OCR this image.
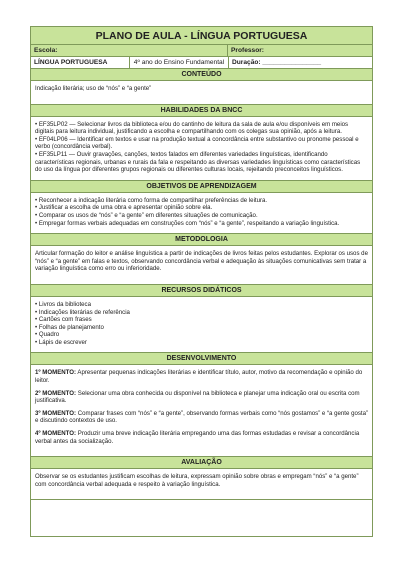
PLANO DE AULA - LÍNGUA PORTUGUESA
Escola:	Professor:
LÍNGUA PORTUGUESA	4º ano do Ensino Fundamental	Duração: ________________
CONTEÚDO

Indicação literária; uso de “nós” e “a gente”

HABILIDADES DA BNCC
• EF35LP02 — Selecionar livros da biblioteca e/ou do cantinho de leitura da sala de aula e/ou disponíveis em meios digitais para leitura individual, justificando a escolha e compartilhando com os colegas sua opinião, após a leitura.
• EF04LP06 — Identificar em textos e usar na produção textual a concordância entre substantivo ou pronome pessoal e verbo (concordância verbal).
• EF35LP11 — Ouvir gravações, canções, textos falados em diferentes variedades linguísticas, identificando características regionais, urbanas e rurais da fala e respeitando as diversas variedades linguísticas como características do uso da língua por diferentes grupos regionais ou diferentes culturas locais, rejeitando preconceitos linguísticos.
OBJETIVOS DE APRENDIZAGEM
• Reconhecer a indicação literária como forma de compartilhar preferências de leitura.
• Justificar a escolha de uma obra e apresentar opinião sobre ela.
• Comparar os usos de “nós” e “a gente” em diferentes situações de comunicação.
• Empregar formas verbais adequadas em construções com “nós” e “a gente”, respeitando a variação linguística.
METODOLOGIA

Articular formação do leitor e análise linguística a partir de indicações de livros feitas pelos estudantes. Explorar os usos de “nós” e “a gente” em falas e textos, observando concordância verbal e adequação às situações comunicativas sem tratar a variação linguística como erro ou inferioridade.

RECURSOS DIDÁTICOS
• Livros da biblioteca
• Indicações literárias de referência
• Cartões com frases
• Folhas de planejamento
• Quadro
• Lápis de escrever
DESENVOLVIMENTO

1º MOMENTO: Apresentar pequenas indicações literárias e identificar título, autor, motivo da recomendação e opinião do leitor.

2º MOMENTO: Selecionar uma obra conhecida ou disponível na biblioteca e planejar uma indicação oral ou escrita com justificativa.

3º MOMENTO: Comparar frases com “nós” e “a gente”, observando formas verbais como “nós gostamos” e “a gente gosta” e discutindo contextos de uso.

4º MOMENTO: Produzir uma breve indicação literária empregando uma das formas estudadas e revisar a concordância verbal antes da socialização.

AVALIAÇÃO

Observar se os estudantes justificam escolhas de leitura, expressam opinião sobre obras e empregam “nós” e “a gente” com concordância verbal adequada e respeito à variação linguística.
